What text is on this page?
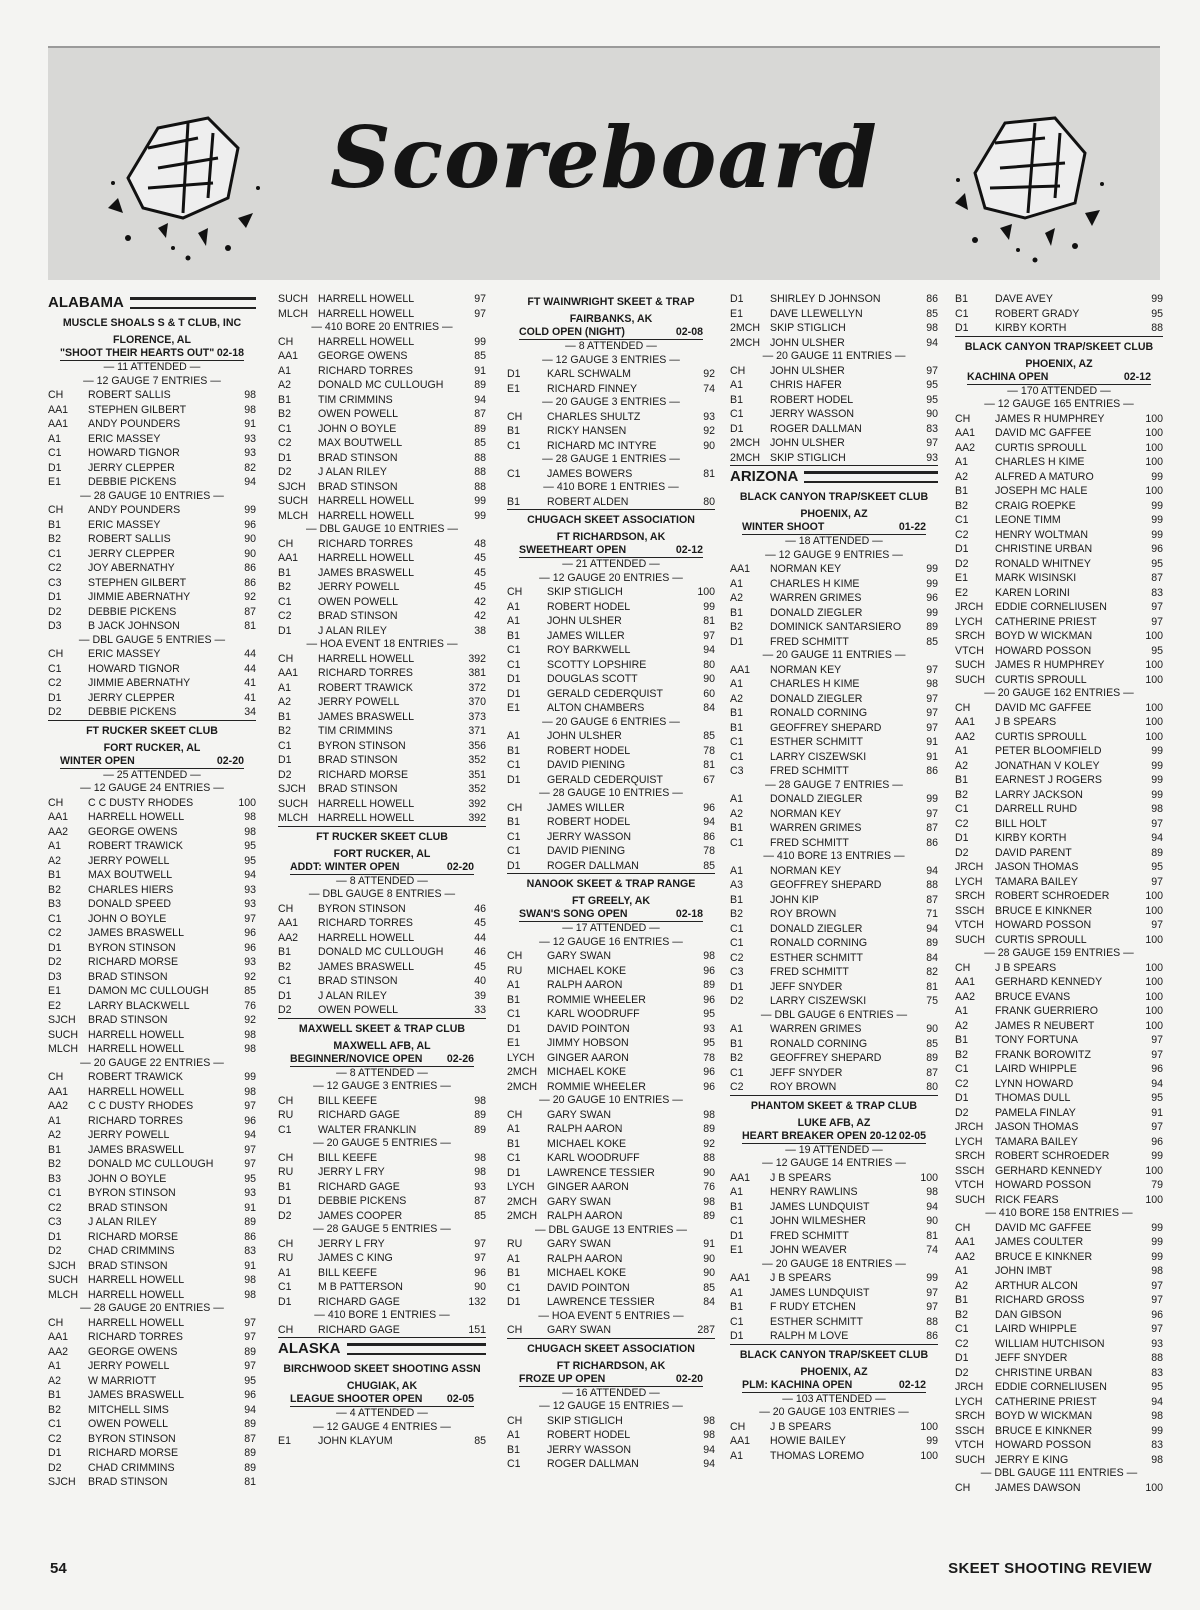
Scoreboard
ALABAMA
MUSCLE SHOALS S & T CLUB, INC
FLORENCE, AL
"SHOOT THEIR HEARTS OUT" 02-18
— 11 ATTENDED —
— 12 GAUGE 7 ENTRIES —
CH	ROBERT SALLIS	98
AA1	STEPHEN GILBERT	98
AA1	ANDY POUNDERS	91
A1	ERIC MASSEY	93
C1	HOWARD TIGNOR	93
D1	JERRY CLEPPER	82
E1	DEBBIE PICKENS	94
— 28 GAUGE 10 ENTRIES —
CH	ANDY POUNDERS	99
B1	ERIC MASSEY	96
B2	ROBERT SALLIS	90
C1	JERRY CLEPPER	90
C2	JOY ABERNATHY	86
C3	STEPHEN GILBERT	86
D1	JIMMIE ABERNATHY	92
D2	DEBBIE PICKENS	87
D3	B JACK JOHNSON	81
— DBL GAUGE 5 ENTRIES —
CH	ERIC MASSEY	44
C1	HOWARD TIGNOR	44
C2	JIMMIE ABERNATHY	41
D1	JERRY CLEPPER	41
D2	DEBBIE PICKENS	34
FT RUCKER SKEET CLUB
FORT RUCKER, AL
WINTER OPEN	02-20
— 25 ATTENDED —
— 12 GAUGE 24 ENTRIES —
CH	C C DUSTY RHODES	100
AA1	HARRELL HOWELL	98
AA2	GEORGE OWENS	98
A1	ROBERT TRAWICK	95
A2	JERRY POWELL	95
B1	MAX BOUTWELL	94
B2	CHARLES HIERS	93
B3	DONALD SPEED	93
C1	JOHN O BOYLE	97
C2	JAMES BRASWELL	96
D1	BYRON STINSON	96
D2	RICHARD MORSE	93
D3	BRAD STINSON	92
E1	DAMON MC CULLOUGH	85
E2	LARRY BLACKWELL	76
SJCH	BRAD STINSON	92
SUCH HARRELL HOWELL	98
MLCH HARRELL HOWELL	98
— 20 GAUGE 22 ENTRIES —
CH	ROBERT TRAWICK	99
AA1	HARRELL HOWELL	98
AA2	C C DUSTY RHODES	97
A1	RICHARD TORRES	96
A2	JERRY POWELL	94
B1	JAMES BRASWELL	97
B2	DONALD MC CULLOUGH	97
B3	JOHN O BOYLE	95
C1	BYRON STINSON	93
C2	BRAD STINSON	91
C3	J ALAN RILEY	89
D1	RICHARD MORSE	86
D2	CHAD CRIMMINS	83
SJCH	BRAD STINSON	91
SUCH HARRELL HOWELL	98
MLCH HARRELL HOWELL	98
— 28 GAUGE 20 ENTRIES —
CH	HARRELL HOWELL	97
AA1	RICHARD TORRES	97
AA2	GEORGE OWENS	89
A1	JERRY POWELL	97
A2	W MARRIOTT	95
B1	JAMES BRASWELL	96
B2	MITCHELL SIMS	94
C1	OWEN POWELL	89
C2	BYRON STINSON	87
D1	RICHARD MORSE	89
D2	CHAD CRIMMINS	89
SJCH	BRAD STINSON	81
SUCH HARRELL HOWELL	97
MLCH HARRELL HOWELL	97
— 410 BORE 20 ENTRIES —
CH	HARRELL HOWELL	99
AA1	GEORGE OWENS	85
A1	RICHARD TORRES	91
A2	DONALD MC CULLOUGH	89
B1	TIM CRIMMINS	94
B2	OWEN POWELL	87
C1	JOHN O BOYLE	89
C2	MAX BOUTWELL	85
D1	BRAD STINSON	88
D2	J ALAN RILEY	88
SJCH	BRAD STINSON	88
SUCH HARRELL HOWELL	99
MLCH HARRELL HOWELL	99
— DBL GAUGE 10 ENTRIES —
CH	RICHARD TORRES	48
AA1	HARRELL HOWELL	45
B1	JAMES BRASWELL	45
B2	JERRY POWELL	45
C1	OWEN POWELL	42
C2	BRAD STINSON	42
D1	J ALAN RILEY	38
— HOA EVENT 18 ENTRIES —
CH	HARRELL HOWELL	392
AA1	RICHARD TORRES	381
A1	ROBERT TRAWICK	372
A2	JERRY POWELL	370
B1	JAMES BRASWELL	373
B2	TIM CRIMMINS	371
C1	BYRON STINSON	356
D1	BRAD STINSON	352
D2	RICHARD MORSE	351
SJCH	BRAD STINSON	352
SUCH HARRELL HOWELL	392
MLCH HARRELL HOWELL	392
FT RUCKER SKEET CLUB
FORT RUCKER, AL
ADDT: WINTER OPEN	02-20
— 8 ATTENDED —
— DBL GAUGE 8 ENTRIES —
CH	BYRON STINSON	46
AA1	RICHARD TORRES	45
AA2	HARRELL HOWELL	44
B1	DONALD MC CULLOUGH	46
B2	JAMES BRASWELL	45
C1	BRAD STINSON	40
D1	J ALAN RILEY	39
D2	OWEN POWELL	33
MAXWELL SKEET & TRAP CLUB
MAXWELL AFB, AL
BEGINNER/NOVICE OPEN 02-26
— 8 ATTENDED —
— 12 GAUGE 3 ENTRIES —
CH	BILL KEEFE	98
RU	RICHARD GAGE	89
C1	WALTER FRANKLIN	89
— 20 GAUGE 5 ENTRIES —
CH	BILL KEEFE	98
RU	JERRY L FRY	98
B1	RICHARD GAGE	93
D1	DEBBIE PICKENS	87
D2	JAMES COOPER	85
— 28 GAUGE 5 ENTRIES —
CH	JERRY L FRY	97
RU	JAMES C KING	97
A1	BILL KEEFE	96
C1	M B PATTERSON	90
D1	RICHARD GAGE	132
— 410 BORE 1 ENTRIES —
CH	RICHARD GAGE	151
ALASKA
BIRCHWOOD SKEET SHOOTING ASSN
CHUGIAK, AK
LEAGUE SHOOTER OPEN 02-05
— 4 ATTENDED —
— 12 GAUGE 4 ENTRIES —
E1	JOHN KLAYUM	85
FT WAINWRIGHT SKEET & TRAP
FAIRBANKS, AK
COLD OPEN (NIGHT)	02-08
— 8 ATTENDED —
— 12 GAUGE 3 ENTRIES —
D1	KARL SCHWALM	92
E1	RICHARD FINNEY	74
— 20 GAUGE 3 ENTRIES —
CH	CHARLES SHULTZ	93
B1	RICKY HANSEN	92
C1	RICHARD MC INTYRE	90
— 28 GAUGE 1 ENTRIES —
C1	JAMES BOWERS	81
— 410 BORE 1 ENTRIES —
B1	ROBERT ALDEN	80
CHUGACH SKEET ASSOCIATION
FT RICHARDSON, AK
SWEETHEART OPEN	02-12
— 21 ATTENDED —
— 12 GAUGE 20 ENTRIES —
CH	SKIP STIGLICH	100
A1	ROBERT HODEL	99
A1	JOHN ULSHER	81
B1	JAMES WILLER	97
C1	ROY BARKWELL	94
C1	SCOTTY LOPSHIRE	80
D1	DOUGLAS SCOTT	90
D1	GERALD CEDERQUIST	60
E1	ALTON CHAMBERS	84
— 20 GAUGE 6 ENTRIES —
A1	JOHN ULSHER	85
B1	ROBERT HODEL	78
C1	DAVID PIENING	81
D1	GERALD CEDERQUIST	67
— 28 GAUGE 10 ENTRIES —
CH	JAMES WILLER	96
B1	ROBERT HODEL	94
C1	JERRY WASSON	86
C1	DAVID PIENING	78
D1	ROGER DALLMAN	85
NANOOK SKEET & TRAP RANGE
FT GREELY, AK
SWAN'S SONG OPEN	02-18
— 17 ATTENDED —
— 12 GAUGE 16 ENTRIES —
CH	GARY SWAN	98
RU	MICHAEL KOKE	96
A1	RALPH AARON	89
B1	ROMMIE WHEELER	96
C1	KARL WOODRUFF	95
D1	DAVID POINTON	93
E1	JIMMY HOBSON	95
LYCH	GINGER AARON	78
2MCH MICHAEL KOKE	96
2MCH ROMMIE WHEELER	96
— 20 GAUGE 10 ENTRIES —
CH	GARY SWAN	98
A1	RALPH AARON	89
B1	MICHAEL KOKE	92
C1	KARL WOODRUFF	88
D1	LAWRENCE TESSIER	90
LYCH	GINGER AARON	76
2MCH GARY SWAN	98
2MCH RALPH AARON	89
— DBL GAUGE 13 ENTRIES —
RU	GARY SWAN	91
A1	RALPH AARON	90
B1	MICHAEL KOKE	90
C1	DAVID POINTON	85
D1	LAWRENCE TESSIER	84
— HOA EVENT 5 ENTRIES —
CH	GARY SWAN	287
CHUGACH SKEET ASSOCIATION
FT RICHARDSON, AK
FROZE UP OPEN	02-20
— 16 ATTENDED —
— 12 GAUGE 15 ENTRIES —
CH	SKIP STIGLICH	98
A1	ROBERT HODEL	98
B1	JERRY WASSON	94
C1	ROGER DALLMAN	94
D1	SHIRLEY D JOHNSON	86
E1	DAVE LLEWELLYN	85
2MCH SKIP STIGLICH	98
2MCH JOHN ULSHER	94
— 20 GAUGE 11 ENTRIES —
CH	JOHN ULSHER	97
A1	CHRIS HAFER	95
B1	ROBERT HODEL	95
C1	JERRY WASSON	90
D1	ROGER DALLMAN	83
2MCH JOHN ULSHER	97
2MCH SKIP STIGLICH	93
ARIZONA
BLACK CANYON TRAP/SKEET CLUB
PHOENIX, AZ
WINTER SHOOT	01-22
— 18 ATTENDED —
— 12 GAUGE 9 ENTRIES —
AA1	NORMAN KEY	99
A1	CHARLES H KIME	99
A2	WARREN GRIMES	96
B1	DONALD ZIEGLER	99
B2	DOMINICK SANTARSIERO	89
D1	FRED SCHMITT	85
— 20 GAUGE 11 ENTRIES —
AA1	NORMAN KEY	97
A1	CHARLES H KIME	98
A2	DONALD ZIEGLER	97
B1	RONALD CORNING	97
B1	GEOFFREY SHEPARD	97
C1	ESTHER SCHMITT	91
C1	LARRY CISZEWSKI	91
C3	FRED SCHMITT	86
— 28 GAUGE 7 ENTRIES —
A1	DONALD ZIEGLER	99
A2	NORMAN KEY	97
B1	WARREN GRIMES	87
C1	FRED SCHMITT	86
— 410 BORE 13 ENTRIES —
A1	NORMAN KEY	94
A3	GEOFFREY SHEPARD	88
B1	JOHN KIP	87
B2	ROY BROWN	71
C1	DONALD ZIEGLER	94
C1	RONALD CORNING	89
C2	ESTHER SCHMITT	84
C3	FRED SCHMITT	82
D1	JEFF SNYDER	81
D2	LARRY CISZEWSKI	75
— DBL GAUGE 6 ENTRIES —
A1	WARREN GRIMES	90
B1	RONALD CORNING	85
B2	GEOFFREY SHEPARD	89
C1	JEFF SNYDER	87
C2	ROY BROWN	80
PHANTOM SKEET & TRAP CLUB
LUKE AFB, AZ
HEART BREAKER OPEN 20-12 02-05
— 19 ATTENDED —
— 12 GAUGE 14 ENTRIES —
AA1	J B SPEARS	100
A1	HENRY RAWLINS	98
B1	JAMES LUNDQUIST	94
C1	JOHN WILMESHER	90
D1	FRED SCHMITT	81
E1	JOHN WEAVER	74
— 20 GAUGE 18 ENTRIES —
AA1	J B SPEARS	99
A1	JAMES LUNDQUIST	97
B1	F RUDY ETCHEN	97
C1	ESTHER SCHMITT	88
D1	RALPH M LOVE	86
BLACK CANYON TRAP/SKEET CLUB
PHOENIX, AZ
PLM: KACHINA OPEN	02-12
— 103 ATTENDED —
— 20 GAUGE 103 ENTRIES —
CH	J B SPEARS	100
AA1	HOWIE BAILEY	99
A1	THOMAS LOREMO	100
B1	DAVE AVEY	99
C1	ROBERT GRADY	95
D1	KIRBY KORTH	88
BLACK CANYON TRAP/SKEET CLUB
PHOENIX, AZ
KACHINA OPEN	02-12
— 170 ATTENDED —
— 12 GAUGE 165 ENTRIES —
CH	JAMES R HUMPHREY	100
AA1	DAVID MC GAFFEE	100
AA2	CURTIS SPROULL	100
A1	CHARLES H KIME	100
A2	ALFRED A MATURO	99
B1	JOSEPH MC HALE	100
B2	CRAIG ROEPKE	99
C1	LEONE TIMM	99
C2	HENRY WOLTMAN	99
D1	CHRISTINE URBAN	96
D2	RONALD WHITNEY	95
E1	MARK WISINSKI	87
E2	KAREN LORINI	83
JRCH	EDDIE CORNELIUSEN	97
LYCH	CATHERINE PRIEST	97
SRCH BOYD W WICKMAN	100
VTCH	HOWARD POSSON	95
SUCH JAMES R HUMPHREY	100
SUCH CURTIS SPROULL	100
— 20 GAUGE 162 ENTRIES —
CH	DAVID MC GAFFEE	100
AA1	J B SPEARS	100
AA2	CURTIS SPROULL	100
A1	PETER BLOOMFIELD	99
A2	JONATHAN V KOLEY	99
B1	EARNEST J ROGERS	99
B2	LARRY JACKSON	99
C1	DARRELL RUHD	98
C2	BILL HOLT	97
D1	KIRBY KORTH	94
D2	DAVID PARENT	89
JRCH	JASON THOMAS	95
LYCH	TAMARA BAILEY	97
SRCH ROBERT SCHROEDER	100
SSCH BRUCE E KINKNER	100
VTCH	HOWARD POSSON	97
SUCH CURTIS SPROULL	100
— 28 GAUGE 159 ENTRIES —
CH	J B SPEARS	100
AA1	GERHARD KENNEDY	100
AA2	BRUCE EVANS	100
A1	FRANK GUERRIERO	100
A2	JAMES R NEUBERT	100
B1	TONY FORTUNA	97
B2	FRANK BOROWITZ	97
C1	LAIRD WHIPPLE	96
C2	LYNN HOWARD	94
D1	THOMAS DULL	95
D2	PAMELA FINLAY	91
JRCH	JASON THOMAS	97
LYCH	TAMARA BAILEY	96
SRCH ROBERT SCHROEDER	99
SSCH GERHARD KENNEDY	100
VTCH	HOWARD POSSON	79
SUCH RICK FEARS	100
— 410 BORE 158 ENTRIES —
CH	DAVID MC GAFFEE	99
AA1	JAMES COULTER	99
AA2	BRUCE E KINKNER	99
A1	JOHN IMBT	98
A2	ARTHUR ALCON	97
B1	RICHARD GROSS	97
B2	DAN GIBSON	96
C1	LAIRD WHIPPLE	97
C2	WILLIAM HUTCHISON	93
D1	JEFF SNYDER	88
D2	CHRISTINE URBAN	83
JRCH	EDDIE CORNELIUSEN	95
LYCH	CATHERINE PRIEST	94
SRCH BOYD W WICKMAN	98
SSCH BRUCE E KINKNER	99
VTCH	HOWARD POSSON	83
SUCH JERRY E KING	98
— DBL GAUGE 111 ENTRIES —
CH	JAMES DAWSON	100
54	SKEET SHOOTING REVIEW
